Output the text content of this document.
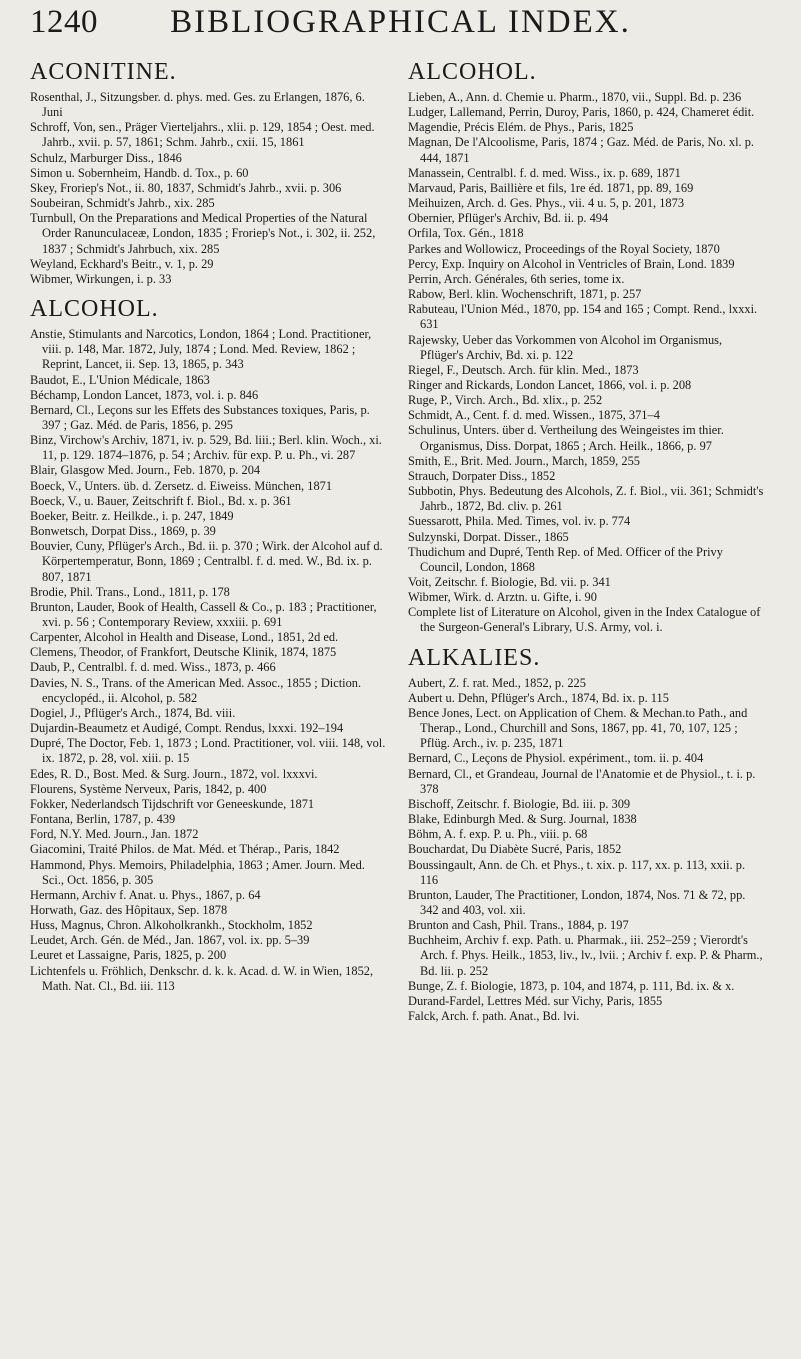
1240	BIBLIOGRAPHICAL INDEX.
ACONITINE.
Rosenthal, J., Sitzungsber. d. phys. med. Ges. zu Erlangen, 1876, 6. Juni
Schroff, Von, sen., Präger Vierteljahrs., xlii. p. 129, 1854 ; Oest. med. Jahrb., xvii. p. 57, 1861; Schm. Jahrb., cxii. 15, 1861
Schulz, Marburger Diss., 1846
Simon u. Sobernheim, Handb. d. Tox., p. 60
Skey, Froriep's Not., ii. 80, 1837, Schmidt's Jahrb., xvii. p. 306
Soubeiran, Schmidt's Jahrb., xix. 285
Turnbull, On the Preparations and Medical Properties of the Natural Order Ranunculaceæ, London, 1835 ; Froriep's Not., i. 302, ii. 252, 1837 ; Schmidt's Jahrbuch, xix. 285
Weyland, Eckhard's Beitr., v. 1, p. 29
Wibmer, Wirkungen, i. p. 33
ALCOHOL.
Anstie, Stimulants and Narcotics, London, 1864 ; Lond. Practitioner, viii. p. 148, Mar. 1872, July, 1874 ; Lond. Med. Review, 1862 ; Reprint, Lancet, ii. Sep. 13, 1865, p. 343
Baudot, E., L'Union Médicale, 1863
Béchamp, London Lancet, 1873, vol. i. p. 846
Bernard, Cl., Leçons sur les Effets des Substances toxiques, Paris, p. 397 ; Gaz. Méd. de Paris, 1856, p. 295
Binz, Virchow's Archiv, 1871, iv. p. 529, Bd. liii.; Berl. klin. Woch., xi. 11, p. 129. 1874–1876, p. 54 ; Archiv. für exp. P. u. Ph., vi. 287
Blair, Glasgow Med. Journ., Feb. 1870, p. 204
Boeck, V., Unters. üb. d. Zersetz. d. Eiweiss. München, 1871
Boeck, V., u. Bauer, Zeitschrift f. Biol., Bd. x. p. 361
Boeker, Beitr. z. Heilkde., i. p. 247, 1849
Bonwetsch, Dorpat Diss., 1869, p. 39
Bouvier, Cuny, Pflüger's Arch., Bd. ii. p. 370 ; Wirk. der Alcohol auf d. Körpertemperatur, Bonn, 1869 ; Centralbl. f. d. med. W., Bd. ix. p. 807, 1871
Brodie, Phil. Trans., Lond., 1811, p. 178
Brunton, Lauder, Book of Health, Cassell & Co., p. 183 ; Practitioner, xvi. p. 56 ; Contemporary Review, xxxiii. p. 691
Carpenter, Alcohol in Health and Disease, Lond., 1851, 2d ed.
Clemens, Theodor, of Frankfort, Deutsche Klinik, 1874, 1875
Daub, P., Centralbl. f. d. med. Wiss., 1873, p. 466
Davies, N. S., Trans. of the American Med. Assoc., 1855 ; Diction. encyclopéd., ii. Alcohol, p. 582
Dogiel, J., Pflüger's Arch., 1874, Bd. viii.
Dujardin-Beaumetz et Audigé, Compt. Rendus, lxxxi. 192–194
Dupré, The Doctor, Feb. 1, 1873 ; Lond. Practitioner, vol. viii. 148, vol. ix. 1872, p. 28, vol. xiii. p. 15
Edes, R. D., Bost. Med. & Surg. Journ., 1872, vol. lxxxvi.
Flourens, Système Nerveux, Paris, 1842, p. 400
Fokker, Nederlandsch Tijdschrift vor Geneeskunde, 1871
Fontana, Berlin, 1787, p. 439
Ford, N.Y. Med. Journ., Jan. 1872
Giacomini, Traité Philos. de Mat. Méd. et Thérap., Paris, 1842
Hammond, Phys. Memoirs, Philadelphia, 1863 ; Amer. Journ. Med. Sci., Oct. 1856, p. 305
Hermann, Archiv f. Anat. u. Phys., 1867, p. 64
Horwath, Gaz. des Hôpitaux, Sep. 1878
Huss, Magnus, Chron. Alkoholkrankh., Stockholm, 1852
Leudet, Arch. Gén. de Méd., Jan. 1867, vol. ix. pp. 5–39
Leuret et Lassaigne, Paris, 1825, p. 200
Lichtenfels u. Fröhlich, Denkschr. d. k. k. Acad. d. W. in Wien, 1852, Math. Nat. Cl., Bd. iii. 113
ALCOHOL.
Lieben, A., Ann. d. Chemie u. Pharm., 1870, vii., Suppl. Bd. p. 236
Ludger, Lallemand, Perrin, Duroy, Paris, 1860, p. 424, Chameret édit.
Magendie, Précis Elém. de Phys., Paris, 1825
Magnan, De l'Alcoolisme, Paris, 1874 ; Gaz. Méd. de Paris, No. xl. p. 444, 1871
Manassein, Centralbl. f. d. med. Wiss., ix. p. 689, 1871
Marvaud, Paris, Baillière et fils, 1re éd. 1871, pp. 89, 169
Meihuizen, Arch. d. Ges. Phys., vii. 4 u. 5, p. 201, 1873
Obernier, Pflüger's Archiv, Bd. ii. p. 494
Orfila, Tox. Gén., 1818
Parkes and Wollowicz, Proceedings of the Royal Society, 1870
Percy, Exp. Inquiry on Alcohol in Ventricles of Brain, Lond. 1839
Perrin, Arch. Générales, 6th series, tome ix.
Rabow, Berl. klin. Wochenschrift, 1871, p. 257
Rabuteau, l'Union Méd., 1870, pp. 154 and 165 ; Compt. Rend., lxxxi. 631
Rajewsky, Ueber das Vorkommen von Alcohol im Organismus, Pflüger's Archiv, Bd. xi. p. 122
Riegel, F., Deutsch. Arch. für klin. Med., 1873
Ringer and Rickards, London Lancet, 1866, vol. i. p. 208
Ruge, P., Virch. Arch., Bd. xlix., p. 252
Schmidt, A., Cent. f. d. med. Wissen., 1875, 371–4
Schulinus, Unters. über d. Vertheilung des Weingeistes im thier. Organismus, Diss. Dorpat, 1865 ; Arch. Heilk., 1866, p. 97
Smith, E., Brit. Med. Journ., March, 1859, 255
Strauch, Dorpater Diss., 1852
Subbotin, Phys. Bedeutung des Alcohols, Z. f. Biol., vii. 361; Schmidt's Jahrb., 1872, Bd. cliv. p. 261
Suessarott, Phila. Med. Times, vol. iv. p. 774
Sulzynski, Dorpat. Disser., 1865
Thudichum and Dupré, Tenth Rep. of Med. Officer of the Privy Council, London, 1868
Voit, Zeitschr. f. Biologie, Bd. vii. p. 341
Wibmer, Wirk. d. Arztn. u. Gifte, i. 90
Complete list of Literature on Alcohol, given in the Index Catalogue of the Surgeon-General's Library, U.S. Army, vol. i.
ALKALIES.
Aubert, Z. f. rat. Med., 1852, p. 225
Aubert u. Dehn, Pflüger's Arch., 1874, Bd. ix. p. 115
Bence Jones, Lect. on Application of Chem. & Mechan.to Path., and Therap., Lond., Churchill and Sons, 1867, pp. 41, 70, 107, 125 ; Pflüg. Arch., iv. p. 235, 1871
Bernard, C., Leçons de Physiol. expériment., tom. ii. p. 404
Bernard, Cl., et Grandeau, Journal de l'Anatomie et de Physiol., t. i. p. 378
Bischoff, Zeitschr. f. Biologie, Bd. iii. p. 309
Blake, Edinburgh Med. & Surg. Journal, 1838
Böhm, A. f. exp. P. u. Ph., viii. p. 68
Bouchardat, Du Diabète Sucré, Paris, 1852
Boussingault, Ann. de Ch. et Phys., t. xix. p. 117, xx. p. 113, xxii. p. 116
Brunton, Lauder, The Practitioner, London, 1874, Nos. 71 & 72, pp. 342 and 403, vol. xii.
Brunton and Cash, Phil. Trans., 1884, p. 197
Buchheim, Archiv f. exp. Path. u. Pharmak., iii. 252–259 ; Vierordt's Arch. f. Phys. Heilk., 1853, liv., lv., lvii. ; Archiv f. exp. P. & Pharm., Bd. lii. p. 252
Bunge, Z. f. Biologie, 1873, p. 104, and 1874, p. 111, Bd. ix. & x.
Durand-Fardel, Lettres Méd. sur Vichy, Paris, 1855
Falck, Arch. f. path. Anat., Bd. lvi.
